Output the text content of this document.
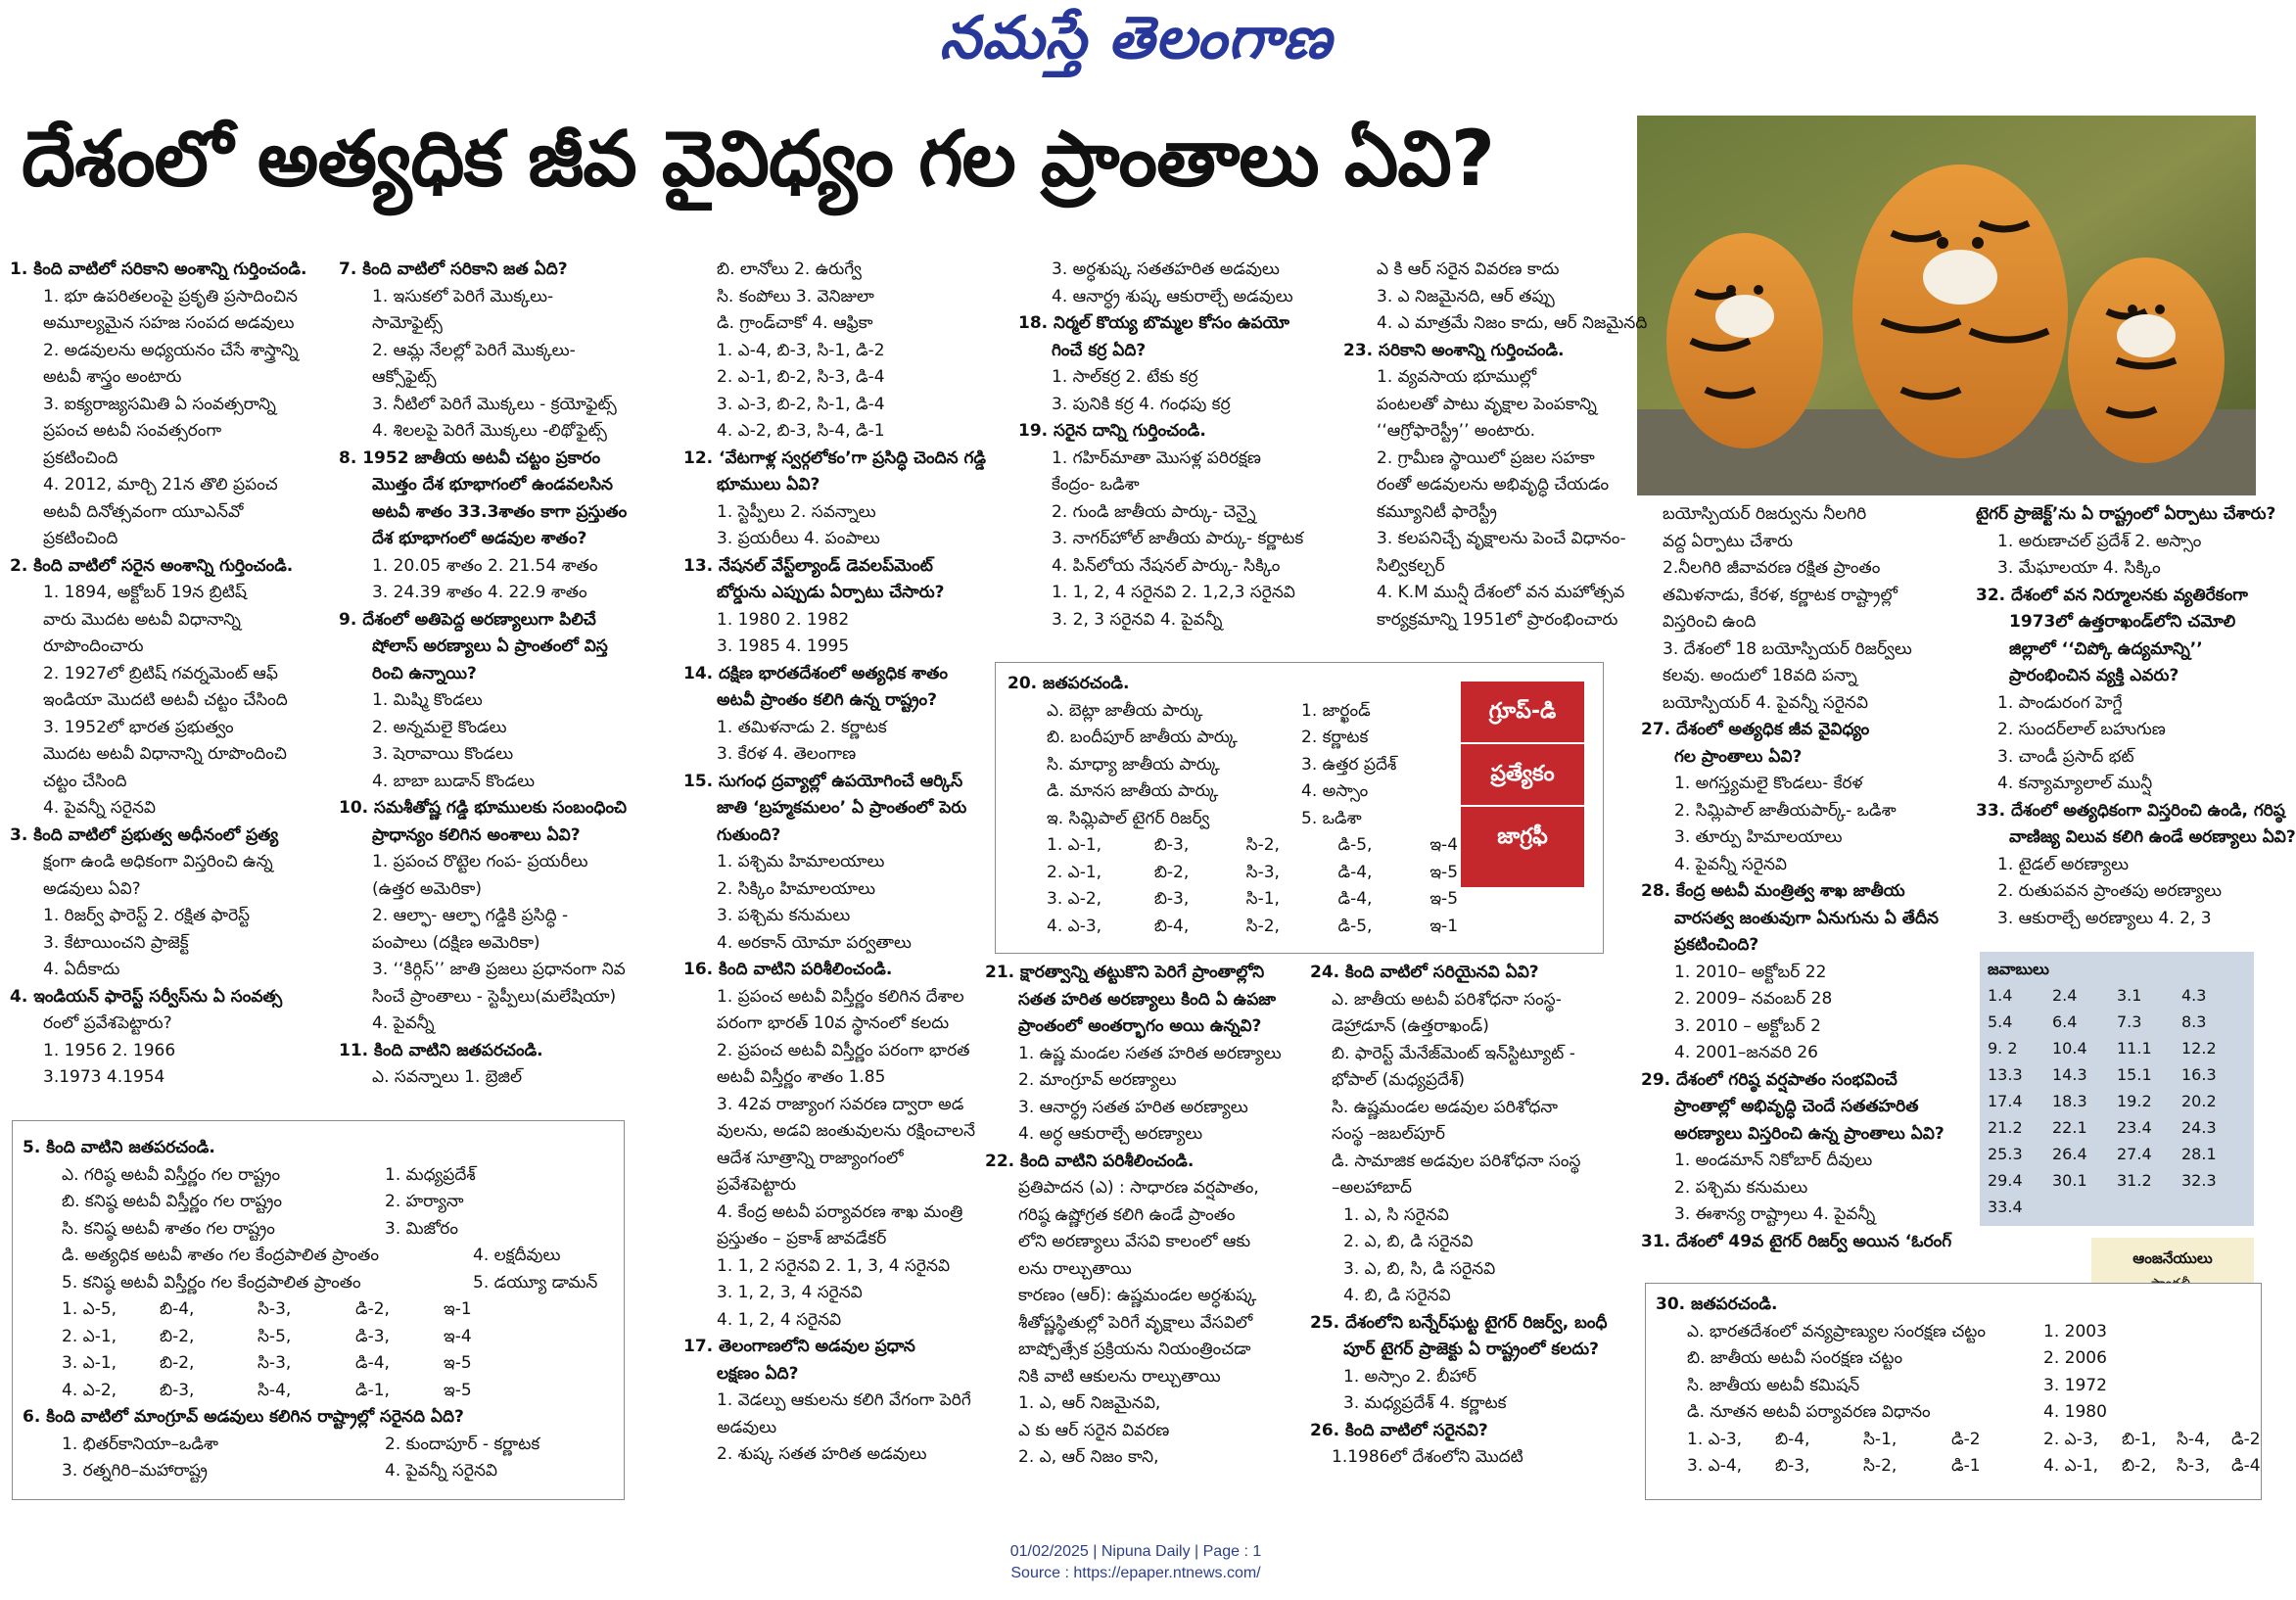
నమస్తే తెలంగాణ
దేశంలో అత్యధిక జీవ వైవిధ్యం గల ప్రాంతాలు ఏవి?
1. కింది వాటిలో సరికాని అంశాన్ని గుర్తించండి.
1. భూ ఉపరితలంపై ప్రకృతి ప్రసాదించిన
అమూల్యమైన సహజ సంపద అడవులు
2. అడవులను అధ్యయనం చేసే శాస్త్రాన్ని
అటవీ శాస్త్రం అంటారు
3. ఐక్యరాజ్యసమితి ఏ సంవత్సరాన్ని
ప్రపంచ అటవీ సంవత్సరంగా
ప్రకటించింది
4. 2012, మార్చి 21న తొలి ప్రపంచ
అటవీ దినోత్సవంగా యూఎన్‌వో
ప్రకటించింది
2. కింది వాటిలో సరైన అంశాన్ని గుర్తించండి.
1. 1894, అక్టోబర్ 19న బ్రిటిష్
వారు మొదట అటవీ విధానాన్ని
రూపొందించారు
2. 1927లో బ్రిటిష్ గవర్నమెంట్ ఆఫ్
ఇండియా మొదటి అటవీ చట్టం చేసింది
3. 1952లో భారత ప్రభుత్వం
మొదట అటవీ విధానాన్ని రూపొందించి
చట్టం చేసింది
4. పైవన్నీ సరైనవి
3. కింది వాటిలో ప్రభుత్వ అధీనంలో ప్రత్య
క్షంగా ఉండి అధికంగా విస్తరించి ఉన్న
అడవులు ఏవి?
1. రిజర్వ్ ఫారెస్ట్ 2. రక్షిత ఫారెస్ట్
3. కేటాయించని ప్రాజెక్ట్
4. ఏదీకాదు
4. ఇండియన్ ఫారెస్ట్ సర్వీస్‌ను ఏ సంవత్స
రంలో ప్రవేశపెట్టారు?
1. 1956 2. 1966
3.1973 4.1954
7. కింది వాటిలో సరికాని జత ఏది?
1. ఇసుకలో పెరిగే మొక్కలు-
సామోఫైట్స్
2. ఆమ్ల నేలల్లో పెరిగే మొక్కలు-
ఆక్సోఫైట్స్
3. నీటిలో పెరిగే మొక్కలు - క్రయోఫైట్స్
4. శిలలపై పెరిగే మొక్కలు -లిథోఫైట్స్
8. 1952 జాతీయ అటవీ చట్టం ప్రకారం
మొత్తం దేశ భూభాగంలో ఉండవలసిన
అటవీ శాతం 33.3శాతం కాగా ప్రస్తుతం
దేశ భూభాగంలో అడవుల శాతం?
1. 20.05 శాతం 2. 21.54 శాతం
3. 24.39 శాతం 4. 22.9 శాతం
9. దేశంలో అతిపెద్ద అరణ్యాలుగా పిలిచే
షోలాస్ అరణ్యాలు ఏ ప్రాంతంలో విస్త
రించి ఉన్నాయి?
1. మిష్మి కొండలు
2. అన్నమలై కొండలు
3. షెరావాయి కొండలు
4. బాబా బుడాన్ కొండలు
10. సమశీతోష్ణ గడ్డి భూములకు సంబంధించి
ప్రాధాన్యం కలిగిన అంశాలు ఏవి?
1. ప్రపంచ రొట్టెల గంప- ప్రయరీలు
(ఉత్తర అమెరికా)
2. ఆల్ఫా- ఆల్ఫా గడ్డికి ప్రసిద్ధి -
పంపాలు (దక్షిణ అమెరికా)
3. ‘‘కిర్గిస్’’ జాతి ప్రజలు ప్రధానంగా నివ
సించే ప్రాంతాలు - స్టెప్పీలు(మలేషియా)
4. పైవన్నీ
11. కింది వాటిని జతపరచండి.
ఎ. సవన్నాలు 1. బ్రెజిల్
బి. లానోలు 2. ఉరుగ్వే
సి. కంపోలు 3. వెనిజులా
డి. గ్రాండ్‌చాకో 4. ఆఫ్రికా
1. ఎ-4, బి-3, సి-1, డి-2
2. ఎ-1, బి-2, సి-3, డి-4
3. ఎ-3, బి-2, సి-1, డి-4
4. ఎ-2, బి-3, సి-4, డి-1
12. ‘వేటగాళ్ల స్వర్గలోకం’గా ప్రసిద్ధి చెందిన గడ్డి
భూములు ఏవి?
1. స్టెప్పీలు 2. సవన్నాలు
3. ప్రయరీలు 4. పంపాలు
13. నేషనల్ వేస్ట్‌ల్యాండ్ డెవలప్‌మెంట్
బోర్డును ఎప్పుడు ఏర్పాటు చేసారు?
1. 1980 2. 1982
3. 1985 4. 1995
14. దక్షిణ భారతదేశంలో అత్యధిక శాతం
అటవీ ప్రాంతం కలిగి ఉన్న రాష్ట్రం?
1. తమిళనాడు 2. కర్ణాటక
3. కేరళ 4. తెలంగాణ
15. సుగంధ ద్రవ్యాల్లో ఉపయోగించే ఆర్కిస్
జాతి ‘బ్రహ్మకమలం’ ఏ ప్రాంతంలో పెరు
గుతుంది?
1. పశ్చిమ హిమాలయాలు
2. సిక్కిం హిమాలయాలు
3. పశ్చిమ కనుమలు
4. అరకాన్ యోమా పర్వతాలు
16. కింది వాటిని పరిశీలించండి.
1. ప్రపంచ అటవీ విస్తీర్ణం కలిగిన దేశాల
పరంగా భారత్ 10వ స్థానంలో కలదు
2. ప్రపంచ అటవీ విస్తీర్ణం పరంగా భారత
అటవీ విస్తీర్ణం శాతం 1.85
3. 42వ రాజ్యాంగ సవరణ ద్వారా అడ
వులను, అడవి జంతువులను రక్షించాలనే
ఆదేశ సూత్రాన్ని రాజ్యాంగంలో
ప్రవేశపెట్టారు
4. కేంద్ర అటవీ పర్యావరణ శాఖ మంత్రి
ప్రస్తుతం – ప్రకాశ్ జావడేకర్
1. 1, 2 సరైనవి 2. 1, 3, 4 సరైనవి
3. 1, 2, 3, 4 సరైనవి
4. 1, 2, 4 సరైనవి
17. తెలంగాణలోని అడవుల ప్రధాన
లక్షణం ఏది?
1. వెడల్పు ఆకులను కలిగి వేగంగా పెరిగే
అడవులు
2. శుష్క సతత హరిత అడవులు
3. అర్ధశుష్క సతతహరిత అడవులు
4. ఆనార్ధ్ర శుష్క ఆకురాల్చే అడవులు
18. నిర్మల్ కొయ్య బొమ్మల కోసం ఉపయో
గించే కర్ర ఏది?
1. సాల్‌కర్ర 2. టేకు కర్ర
3. పునికి కర్ర 4. గంధపు కర్ర
19. సరైన దాన్ని గుర్తించండి.
1. గహిర్‌మాతా మొసళ్ల పరిరక్షణ
కేంద్రం- ఒడిశా
2. గుండి జాతీయ పార్కు- చెన్నై
3. నాగర్‌హోల్ జాతీయ పార్కు- కర్ణాటక
4. పిన్‌లోయ నేషనల్ పార్కు- సిక్కిం
1. 1, 2, 4 సరైనవి 2. 1,2,3 సరైనవి
3. 2, 3 సరైనవి 4. పైవన్నీ
ఎ కి ఆర్ సరైన వివరణ కాదు
3. ఎ నిజమైనది, ఆర్ తప్పు
4. ఎ మాత్రమే నిజం కాదు, ఆర్ నిజమైనది
23. సరికాని అంశాన్ని గుర్తించండి.
1. వ్యవసాయ భూముల్లో
పంటలతో పాటు వృక్షాల పెంపకాన్ని
‘‘ఆగ్రోఫారెస్ట్రీ’’ అంటారు.
2. గ్రామీణ స్థాయిలో ప్రజల సహకా
రంతో అడవులను అభివృద్ధి చేయడం
కమ్యూనిటీ ఫారెస్ట్రీ
3. కలపనిచ్చే వృక్షాలను పెంచే విధానం-
సిల్వికల్చర్
4. K.M మున్షీ దేశంలో వన మహోత్సవ
కార్యక్రమాన్ని 1951లో ప్రారంభించారు
20. జతపరచండి.
ఎ. బెట్లా జాతీయ పార్కు	1. జార్ఖండ్
బి. బందీపూర్ జాతీయ పార్కు	2. కర్ణాటక
సి. మాధ్యా జాతీయ పార్కు	3. ఉత్తర ప్రదేశ్
డి. మానస జాతీయ పార్కు	4. అస్సాం
ఇ. సిమ్లిపాల్ టైగర్ రిజర్వ్	5. ఒడిశా
1. ఎ-1,	బి-3,	సి-2,	డి-5,	ఇ-4
2. ఎ-1,	బి-2,	సి-3,	డి-4,	ఇ-5
3. ఎ-2,	బి-3,	సి-1,	డి-4,	ఇ-5
4. ఎ-3,	బి-4,	సి-2,	డి-5,	ఇ-1
గ్రూప్-డి
ప్రత్యేకం
జాగ్రఫీ
21. క్షారత్వాన్ని తట్టుకొని పెరిగే ప్రాంతాల్లోని
సతత హరిత అరణ్యాలు కింది ఏ ఉపజా
ప్రాంతంలో అంతర్భాగం అయి ఉన్నవి?
1. ఉష్ణ మండల సతత హరిత అరణ్యాలు
2. మాంగ్రూవ్ అరణ్యాలు
3. ఆనార్ధ్ర సతత హరిత అరణ్యాలు
4. అర్ధ ఆకురాల్చే అరణ్యాలు
22. కింది వాటిని పరిశీలించండి.
ప్రతిపాదన (ఎ) : సాధారణ వర్షపాతం,
గరిష్ఠ ఉష్ణోగ్రత కలిగి ఉండే ప్రాంతం
లోని అరణ్యాలు వేసవి కాలంలో ఆకు
లను రాల్చుతాయి
కారణం (ఆర్): ఉష్ణమండల అర్ధశుష్క
శీతోష్ణస్థితుల్లో పెరిగే వృక్షాలు వేసవిలో
బాష్పోత్సేక ప్రక్రియను నియంత్రించడా
నికి వాటి ఆకులను రాల్చుతాయి
1. ఎ, ఆర్ నిజమైనవి,
ఎ కు ఆర్ సరైన వివరణ
2. ఎ, ఆర్ నిజం కాని,
24. కింది వాటిలో సరియైనవి ఏవి?
ఎ. జాతీయ అటవీ పరిశోధనా సంస్థ-
డెహ్రాడూన్ (ఉత్తరాఖండ్)
బి. ఫారెస్ట్ మేనేజ్‌మెంట్ ఇన్‌స్టిట్యూట్ -
భోపాల్ (మధ్యప్రదేశ్)
సి. ఉష్ణమండల అడవుల పరిశోధనా
సంస్థ –జబల్‌పూర్
డి. సామాజిక అడవుల పరిశోధనా సంస్థ
–అలహాబాద్
1. ఎ, సి సరైనవి
2. ఎ, బి, డి సరైనవి
3. ఎ, బి, సి, డి సరైనవి
4. బి, డి సరైనవి
25. దేశంలోని బన్నేర్‌ఘట్ట టైగర్ రిజర్వ్, బంధీ
పూర్ టైగర్ ప్రాజెక్టు ఏ రాష్ట్రంలో కలదు?
1. అస్సాం 2. బీహార్
3. మధ్యప్రదేశ్ 4. కర్ణాటక
26. కింది వాటిలో సరైనవి?
1.1986లో దేశంలోని మొదటి
5. కింది వాటిని జతపరచండి.
ఎ. గరిష్ఠ అటవీ విస్తీర్ణం గల రాష్ట్రం	1. మధ్యప్రదేశ్
బి. కనిష్ఠ అటవీ విస్తీర్ణం గల రాష్ట్రం	2. హర్యానా
సి. కనిష్ఠ అటవీ శాతం గల రాష్ట్రం	3. మిజోరం
డి. అత్యధిక అటవీ శాతం గల కేంద్రపాలిత ప్రాంతం	4. లక్షదీవులు
5. కనిష్ఠ అటవీ విస్తీర్ణం గల కేంద్రపాలిత ప్రాంతం	5. డయ్యూ డామన్
1. ఎ-5,	బి-4,	సి-3,	డి-2,	ఇ-1
2. ఎ-1,	బి-2,	సి-5,	డి-3,	ఇ-4
3. ఎ-1,	బి-2,	సి-3,	డి-4,	ఇ-5
4. ఎ-2,	బి-3,	సి-4,	డి-1,	ఇ-5
6. కింది వాటిలో మాంగ్రూవ్ అడవులు కలిగిన రాష్ట్రాల్లో సరైనది ఏది?
1. భితర్‌కానియా–ఒడిశా	2. కుందాపూర్ - కర్ణాటక
3. రత్నగిరి–మహారాష్ట్ర	4. పైవన్నీ సరైనవి
బయోస్పియర్ రిజర్వును నీలగిరి
వద్ద ఏర్పాటు చేశారు
2.నీలగిరి జీవావరణ రక్షిత ప్రాంతం
తమిళనాడు, కేరళ, కర్ణాటక రాష్ట్రాల్లో
విస్తరించి ఉంది
3. దేశంలో 18 బయోస్పియర్ రిజర్వ్‌లు
కలవు. అందులో 18వది పన్నా
బయోస్పియర్ 4. పైవన్నీ సరైనవి
27. దేశంలో అత్యధిక జీవ వైవిధ్యం
గల ప్రాంతాలు ఏవి?
1. అగస్త్యమలై కొండలు- కేరళ
2. సిమ్లిపాల్ జాతీయపార్క్- ఒడిశా
3. తూర్పు హిమాలయాలు
4. పైవన్నీ సరైనవి
28. కేంద్ర అటవీ మంత్రిత్వ శాఖ జాతీయ
వారసత్వ జంతువుగా ఏనుగును ఏ తేదీన
ప్రకటించింది?
1. 2010– అక్టోబర్ 22
2. 2009– నవంబర్ 28
3. 2010 – అక్టోబర్ 2
4. 2001–జనవరి 26
29. దేశంలో గరిష్ఠ వర్షపాతం సంభవించే
ప్రాంతాల్లో అభివృద్ధి చెందే సతతహరిత
అరణ్యాలు విస్తరించి ఉన్న ప్రాంతాలు ఏవి?
1. అండమాన్ నికోబార్ దీవులు
2. పశ్చిమ కనుమలు
3. ఈశాన్య రాష్ట్రాలు 4. పైవన్నీ
31. దేశంలో 49వ టైగర్ రిజర్వ్ అయిన ‘ఓరంగ్
టైగర్ ప్రాజెక్ట్’ను ఏ రాష్ట్రంలో ఏర్పాటు చేశారు?
1. అరుణాచల్ ప్రదేశ్ 2. అస్సాం
3. మేఘాలయా 4. సిక్కిం
32. దేశంలో వన నిర్మూలనకు వ్యతిరేకంగా
1973లో ఉత్తరాఖండ్‌లోని చమోలి
జిల్లాలో ‘‘చిప్కో ఉద్యమాన్ని’’
ప్రారంభించిన వ్యక్తి ఎవరు?
1. పాండురంగ హెగ్డే
2. సుందర్‌లాల్ బహుగుణ
3. చాండీ ప్రసాద్ భట్
4. కన్యామ్యాలాల్ మున్షీ
33. దేశంలో అత్యధికంగా విస్తరించి ఉండి, గరిష్ఠ
వాణిజ్య విలువ కలిగి ఉండే అరణ్యాలు ఏవి?
1. టైడల్ అరణ్యాలు
2. రుతుపవన ప్రాంతపు అరణ్యాలు
3. ఆకురాల్చే అరణ్యాలు 4. 2, 3
జవాబులు
1.4	2.4	3.1	4.3
5.4	6.4	7.3	8.3
9. 2	10.4	11.1	12.2
13.3	14.3	15.1	16.3
17.4	18.3	19.2	20.2
21.2	22.1	23.4	24.3
25.3	26.4	27.4	28.1
29.4	30.1	31.2	32.3
33.4
ఆంజనేయులు
30. జతపరచండి.
ఎ. భారతదేశంలో వన్యప్రాణ్యుల సంరక్షణ చట్టం	1. 2003
బి. జాతీయ అటవీ సంరక్షణ చట్టం	2. 2006
సి. జాతీయ అటవీ కమిషన్	3. 1972
డి. నూతన అటవీ పర్యావరణ విధానం	4. 1980
1. ఎ-3,	బి-4,	సి-1,	డి-2	2. ఎ-3,	బి-1,	సి-4,	డి-2
3. ఎ-4,	బి-3,	సి-2,	డి-1	4. ఎ-1,	బి-2,	సి-3,	డి-4
01/02/2025 | Nipuna Daily | Page : 1
Source : https://epaper.ntnews.com/
